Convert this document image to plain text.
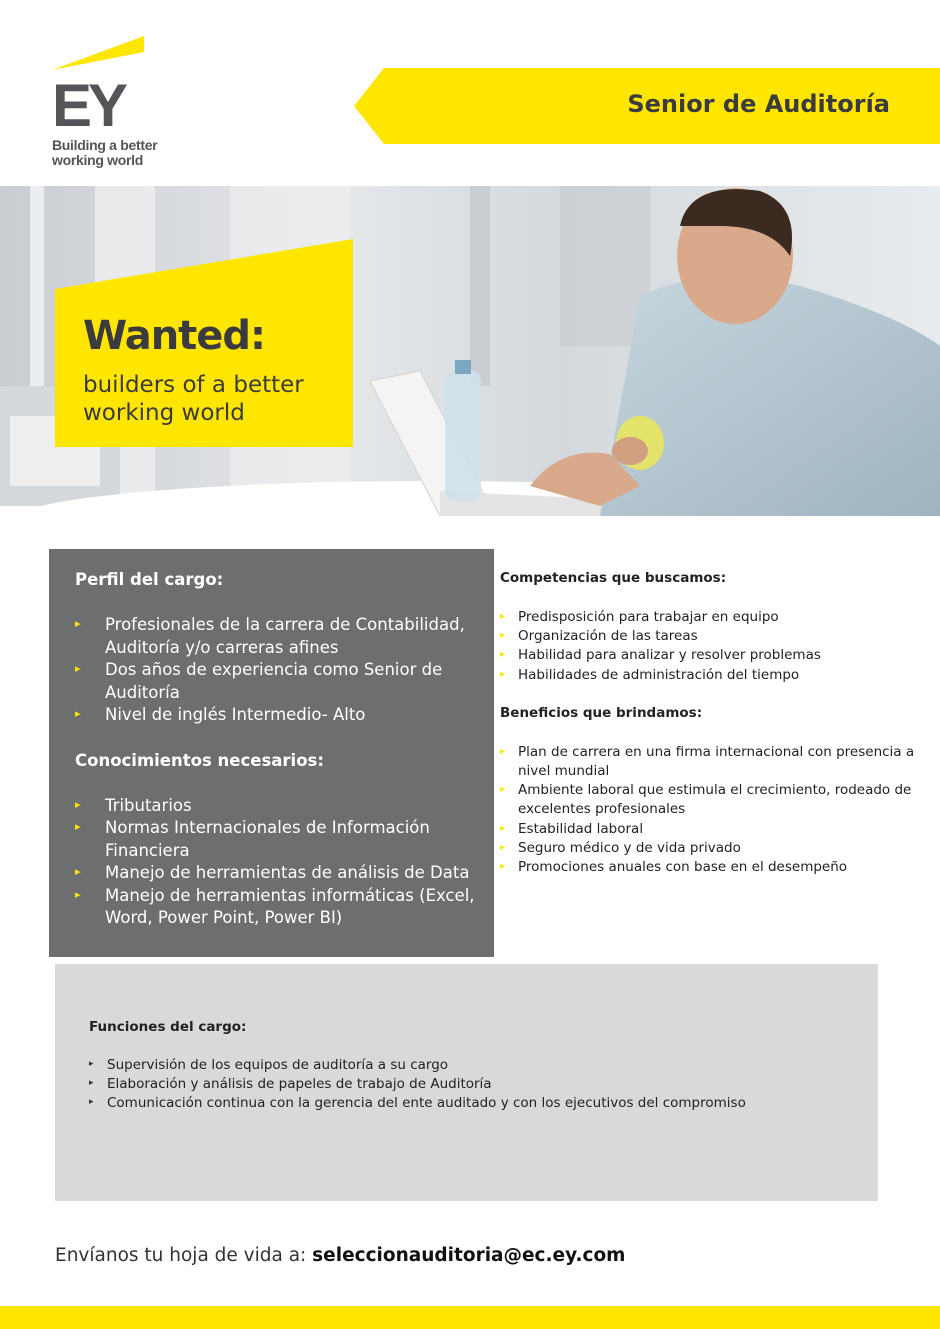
EY
Building a better
working world
Senior de Auditoría
Wanted:
builders of a better
working world
Perfil del cargo:
▸ Profesionales de la carrera de Contabilidad, Auditoría y/o carreras afines
▸ Dos años de experiencia como Senior de Auditoría
▸ Nivel de inglés Intermedio- Alto
Conocimientos necesarios:
▸ Tributarios
▸ Normas Internacionales de Información Financiera
▸ Manejo de herramientas de análisis de Data
▸ Manejo de herramientas informáticas (Excel, Word, Power Point, Power BI)
Competencias que buscamos:
▸ Predisposición para trabajar en equipo
▸ Organización de las tareas
▸ Habilidad para analizar y resolver problemas
▸ Habilidades de administración del tiempo
Beneficios que brindamos:
▸ Plan de carrera en una firma internacional con presencia a nivel mundial
▸ Ambiente laboral que estimula el crecimiento, rodeado de excelentes profesionales
▸ Estabilidad laboral
▸ Seguro médico y de vida privado
▸ Promociones anuales con base en el desempeño
Funciones del cargo:
▸ Supervisión de los equipos de auditoría a su cargo
▸ Elaboración y análisis de papeles de trabajo de Auditoría
▸ Comunicación continua con la gerencia del ente auditado y con los ejecutivos del compromiso
Envíanos tu hoja de vida a: seleccionauditoria@ec.ey.com
